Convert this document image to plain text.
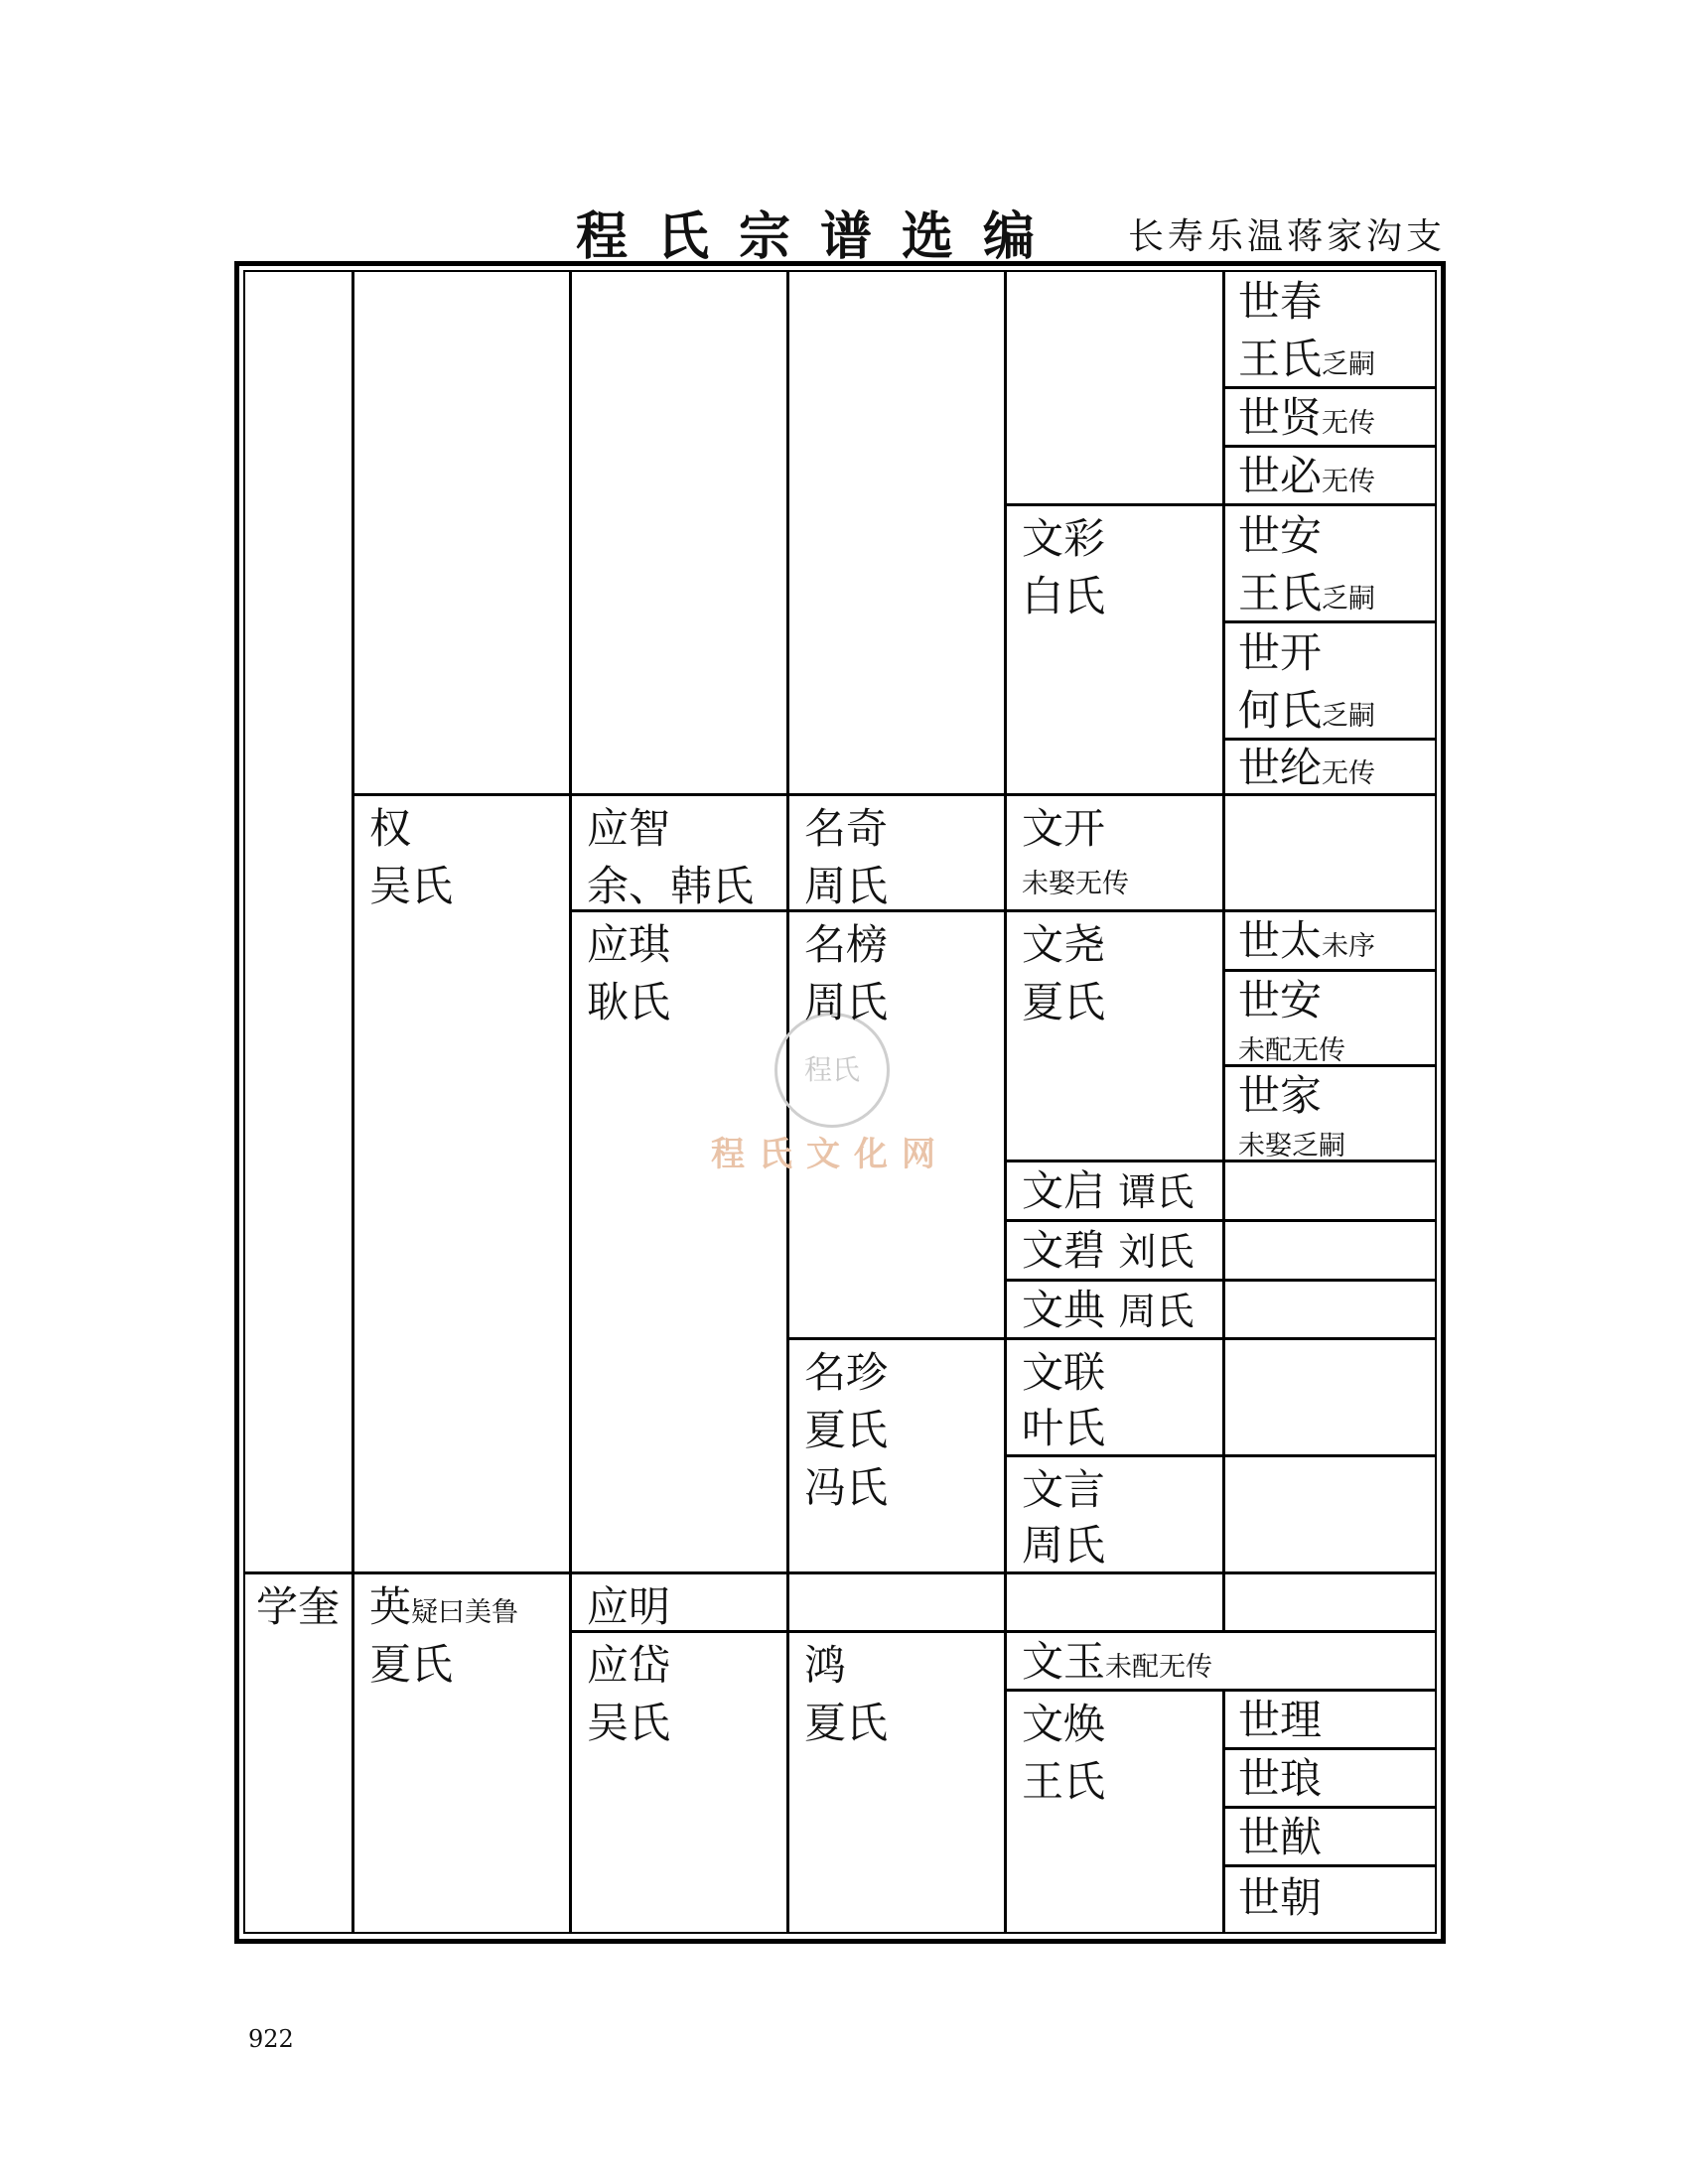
程氏宗谱选编 长寿乐温蒋家沟支
程氏
程氏文化网
学奎
权
吴氏
英疑曰美鲁
夏氏
应智
余、韩氏
应琪
耿氏
应明
应岱
吴氏
名奇
周氏
名榜
周氏
名珍
夏氏
冯氏
鸿
夏氏
文彩
白氏
文开
未娶无传
文尧
夏氏
文启 谭氏
文碧 刘氏
文典 周氏
文联
叶氏
文言
周氏
文玉未配无传
文焕
王氏
世春
王氏乏嗣
世贤无传
世必无传
世安
王氏乏嗣
世开
何氏乏嗣
世纶无传
世太未序
世安
未配无传
世家
未娶乏嗣
世理
世琅
世猷
世朝
922
